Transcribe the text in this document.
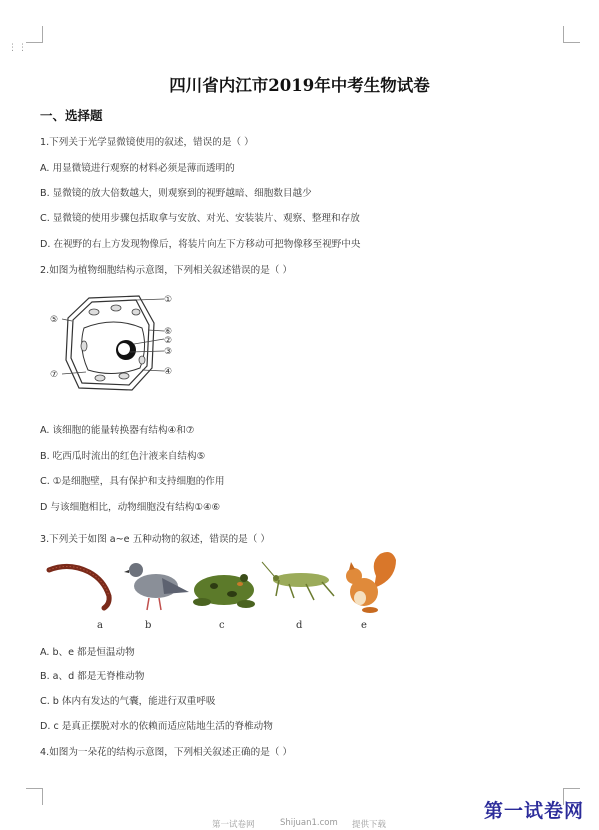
⋮⋮
四川省内江市2019年中考生物试卷
一、选择题
1.下列关于光学显微镜使用的叙述，错误的是（ ）
A. 用显微镜进行观察的材料必须是薄而透明的
B. 显微镜的放大倍数越大，则观察到的视野越暗、细胞数目越少
C. 显微镜的使用步骤包括取拿与安放、对光、安装装片、观察、整理和存放
D. 在视野的右上方发现物像后，将装片向左下方移动可把物像移至视野中央
2.如图为植物细胞结构示意图，下列相关叙述错误的是（ ）
①
⑥
②
③
④
⑤
⑦
A. 该细胞的能量转换器有结构④和⑦
B. 吃西瓜时流出的红色汁液来自结构⑤
C. ①是细胞壁，具有保护和支持细胞的作用
D 与该细胞相比，动物细胞没有结构①④⑥
3.下列关于如图 a~e 五种动物的叙述，错误的是（ ）
a	b	c	d	e
A. b、e 都是恒温动物
B. a、d 都是无脊椎动物
C. b 体内有发达的气囊，能进行双重呼吸
D. c 是真正摆脱对水的依赖而适应陆地生活的脊椎动物
4.如图为一朵花的结构示意图，下列相关叙述正确的是（ ）
第一试卷网	Shijuan1.com 提供下载
第一试卷网
